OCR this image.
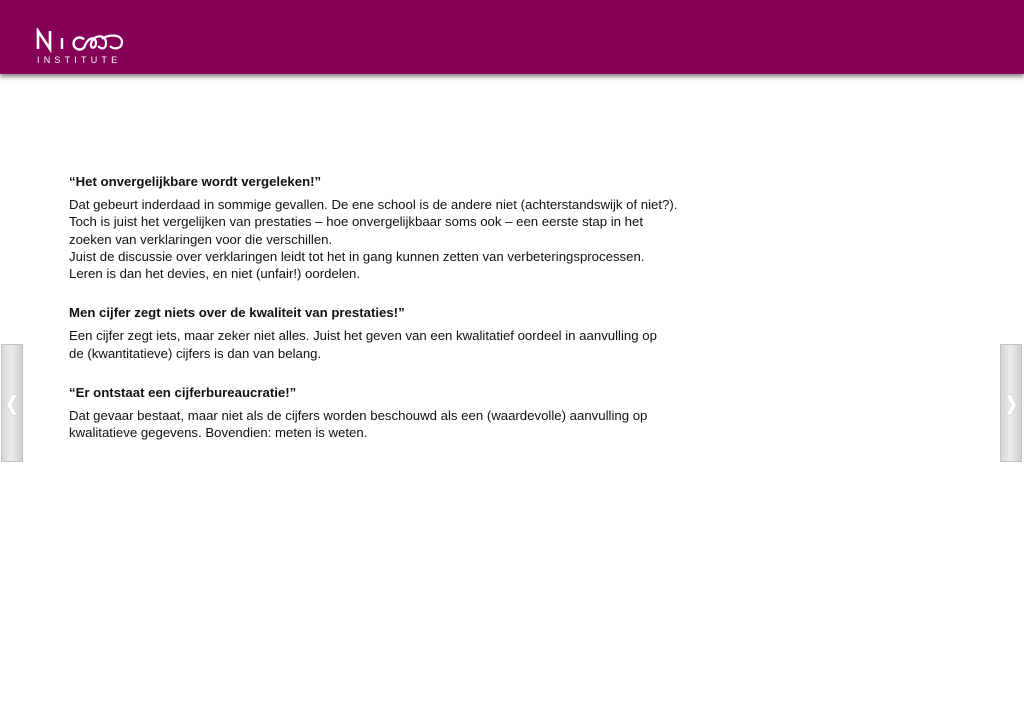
INSTITUTE
❰	❱
“Het onvergelijkbare wordt vergeleken!”

Dat gebeurt inderdaad in sommige gevallen. De ene school is de andere niet (achterstandswijk of niet?).
Toch is juist het vergelijken van prestaties – hoe onvergelijkbaar soms ook – een eerste stap in het
zoeken van verklaringen voor die verschillen.
Juist de discussie over verklaringen leidt tot het in gang kunnen zetten van verbeteringsprocessen.
Leren is dan het devies, en niet (unfair!) oordelen.

Men cijfer zegt niets over de kwaliteit van prestaties!”

Een cijfer zegt iets, maar zeker niet alles. Juist het geven van een kwalitatief oordeel in aanvulling op
de (kwantitatieve) cijfers is dan van belang.

“Er ontstaat een cijferbureaucratie!”

Dat gevaar bestaat, maar niet als de cijfers worden beschouwd als een (waardevolle) aanvulling op
kwalitatieve gegevens. Bovendien: meten is weten.
